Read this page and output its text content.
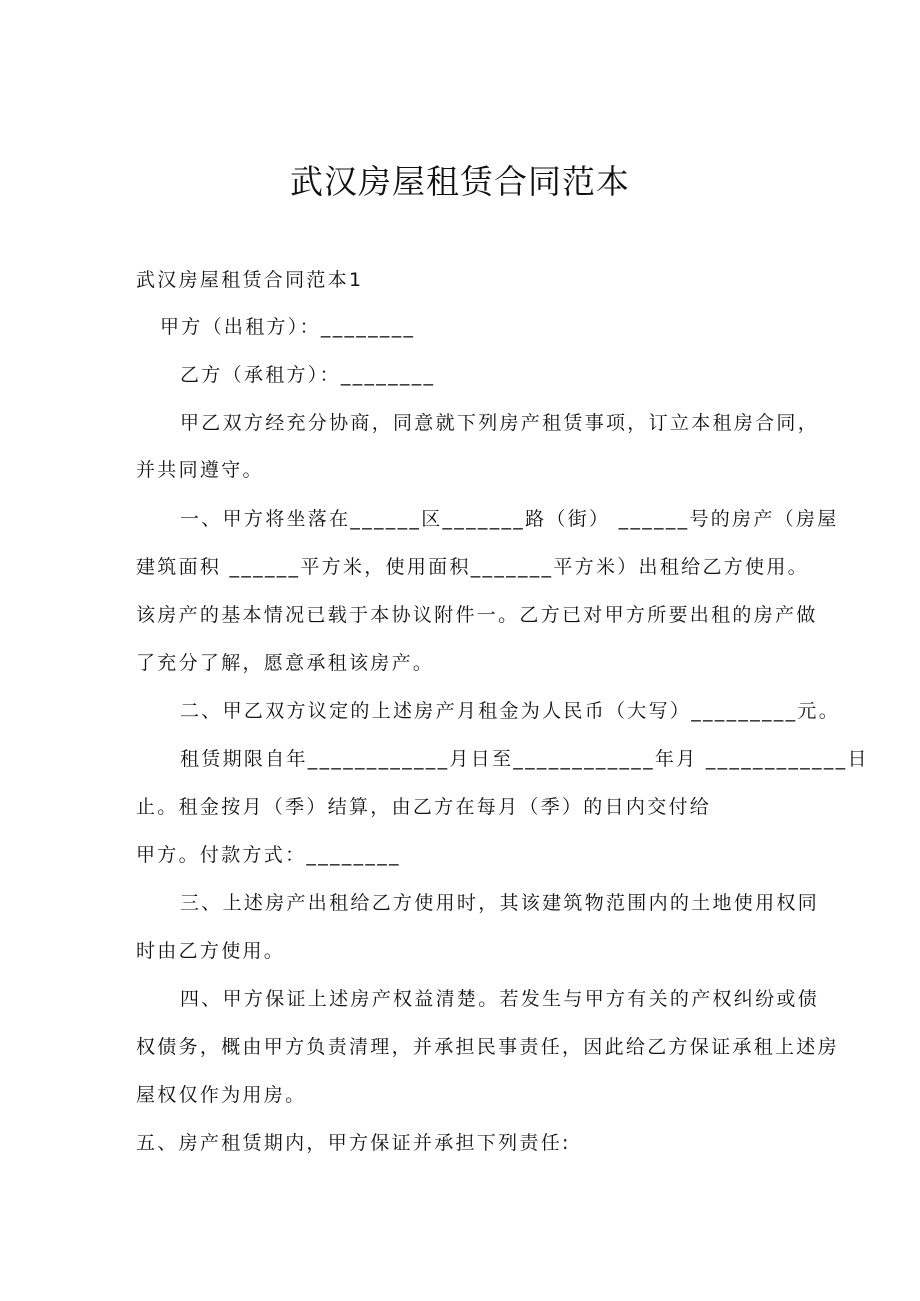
武汉房屋租赁合同范本
武汉房屋租赁合同范本1
甲方（出租方）：________
乙方（承租方）：________
甲乙双方经充分协商，同意就下列房产租赁事项，订立本租房合同，
并共同遵守。
一、甲方将坐落在______区_______路（街） ______号的房产（房屋
建筑面积 ______平方米，使用面积_______平方米）出租给乙方使用。
该房产的基本情况已载于本协议附件一。乙方已对甲方所要出租的房产做
了充分了解，愿意承租该房产。
二、甲乙双方议定的上述房产月租金为人民币（大写）_________元。
租赁期限自年____________月日至____________年月 ____________日
止。租金按月（季）结算，由乙方在每月（季）的日内交付给
甲方。付款方式：________
三、上述房产出租给乙方使用时，其该建筑物范围内的土地使用权同
时由乙方使用。
四、甲方保证上述房产权益清楚。若发生与甲方有关的产权纠纷或债
权债务，概由甲方负责清理，并承担民事责任，因此给乙方保证承租上述房
屋权仅作为用房。
五、房产租赁期内，甲方保证并承担下列责任:
